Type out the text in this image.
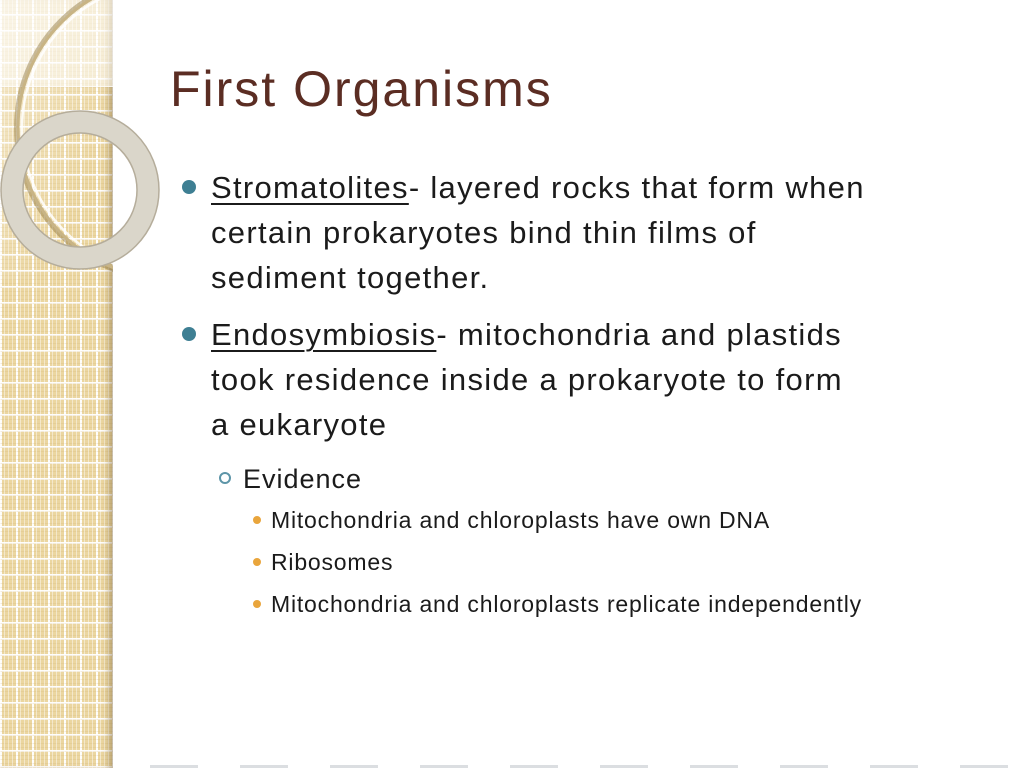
First Organisms
Stromatolites- layered rocks that form when
certain prokaryotes bind thin films of
sediment together.
Endosymbiosis- mitochondria and plastids
took residence inside a prokaryote to form
a eukaryote
Evidence
Mitochondria and chloroplasts have own DNA
Ribosomes
Mitochondria and chloroplasts replicate independently
